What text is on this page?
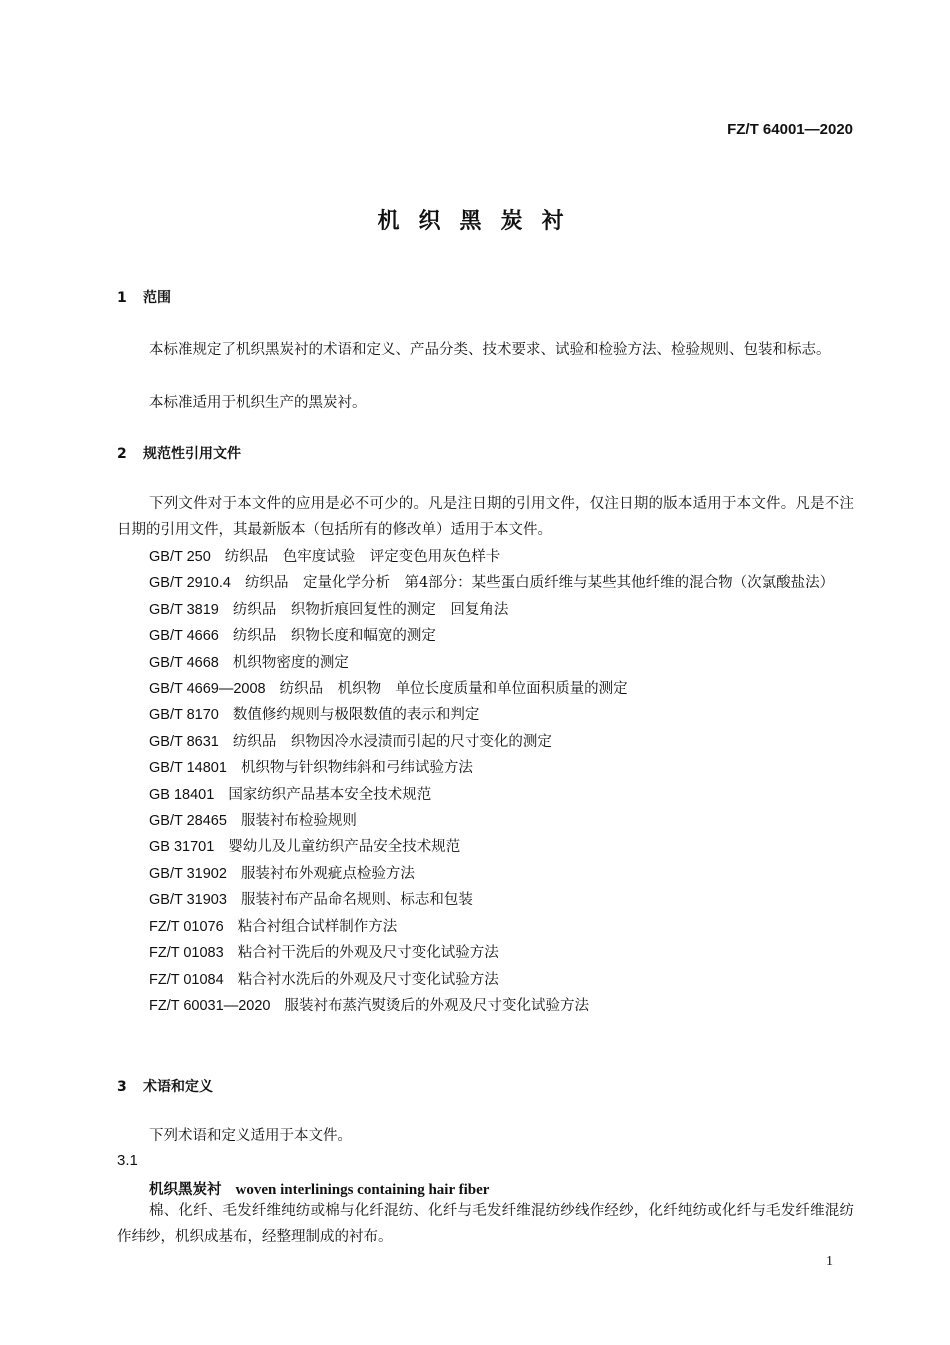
FZ/T 64001—2020
机织黑炭衬
1 范围
本标准规定了机织黑炭衬的术语和定义、产品分类、技术要求、试验和检验方法、检验规则、包装和标志。
本标准适用于机织生产的黑炭衬。
2 规范性引用文件
下列文件对于本文件的应用是必不可少的。凡是注日期的引用文件，仅注日期的版本适用于本文件。凡是不注日期的引用文件，其最新版本（包括所有的修改单）适用于本文件。
GB/T 250 纺织品　色牢度试验　评定变色用灰色样卡
GB/T 2910.4 纺织品　定量化学分析　第4部分：某些蛋白质纤维与某些其他纤维的混合物（次氯酸盐法）
GB/T 3819 纺织品　织物折痕回复性的测定　回复角法
GB/T 4666 纺织品　织物长度和幅宽的测定
GB/T 4668 机织物密度的测定
GB/T 4669—2008 纺织品　机织物　单位长度质量和单位面积质量的测定
GB/T 8170 数值修约规则与极限数值的表示和判定
GB/T 8631 纺织品　织物因冷水浸渍而引起的尺寸变化的测定
GB/T 14801 机织物与针织物纬斜和弓纬试验方法
GB 18401 国家纺织产品基本安全技术规范
GB/T 28465 服装衬布检验规则
GB 31701 婴幼儿及儿童纺织产品安全技术规范
GB/T 31902 服装衬布外观疵点检验方法
GB/T 31903 服装衬布产品命名规则、标志和包装
FZ/T 01076 粘合衬组合试样制作方法
FZ/T 01083 粘合衬干洗后的外观及尺寸变化试验方法
FZ/T 01084 粘合衬水洗后的外观及尺寸变化试验方法
FZ/T 60031—2020 服装衬布蒸汽熨烫后的外观及尺寸变化试验方法
3 术语和定义
下列术语和定义适用于本文件。
3.1
机织黑炭衬 woven interlinings containing hair fiber
棉、化纤、毛发纤维纯纺或棉与化纤混纺、化纤与毛发纤维混纺纱线作经纱，化纤纯纺或化纤与毛发纤维混纺作纬纱，机织成基布，经整理制成的衬布。
1
